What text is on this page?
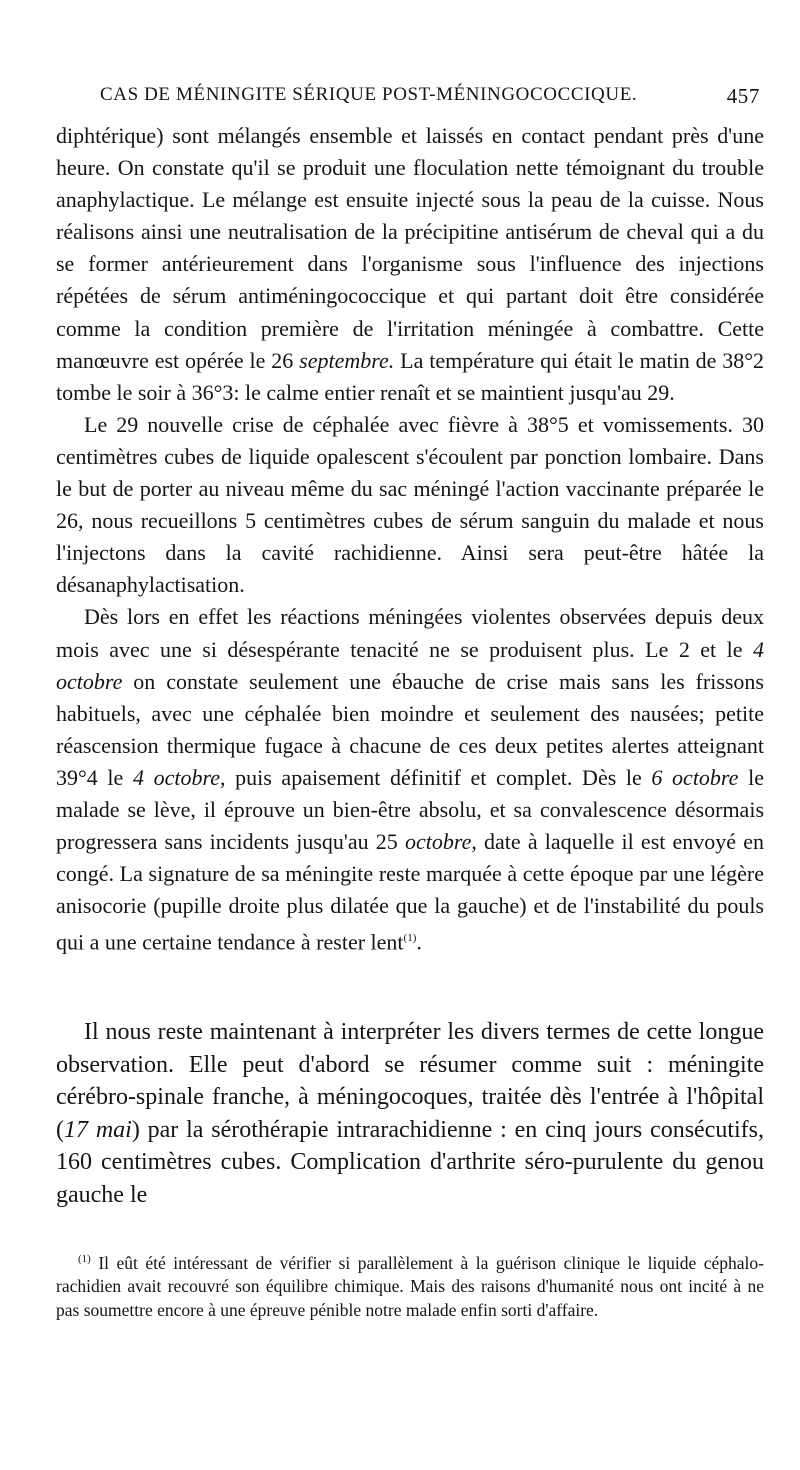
CAS DE MÉNINGITE SÉRIQUE POST-MÉNINGOCOCCIQUE.	457

diphtérique) sont mélangés ensemble et laissés en contact pendant près d'une heure. On constate qu'il se produit une floculation nette témoignant du trouble anaphylactique. Le mélange est ensuite injecté sous la peau de la cuisse. Nous réalisons ainsi une neutralisation de la précipitine antisérum de cheval qui a du se former antérieurement dans l'organisme sous l'influence des injections répétées de sérum antiméningococcique et qui partant doit être considérée comme la condition première de l'irritation méningée à combattre. Cette manœuvre est opérée le 26 septembre. La température qui était le matin de 38°2 tombe le soir à 36°3: le calme entier renaît et se maintient jusqu'au 29.

Le 29 nouvelle crise de céphalée avec fièvre à 38°5 et vomissements. 30 centimètres cubes de liquide opalescent s'écoulent par ponction lombaire. Dans le but de porter au niveau même du sac méningé l'action vaccinante préparée le 26, nous recueillons 5 centimètres cubes de sérum sanguin du malade et nous l'injectons dans la cavité rachidienne. Ainsi sera peut-être hâtée la désanaphylactisation.

Dès lors en effet les réactions méningées violentes observées depuis deux mois avec une si désespérante tenacité ne se produisent plus. Le 2 et le 4 octobre on constate seulement une ébauche de crise mais sans les frissons habituels, avec une céphalée bien moindre et seulement des nausées; petite réascension thermique fugace à chacune de ces deux petites alertes atteignant 39°4 le 4 octobre, puis apaisement définitif et complet. Dès le 6 octobre le malade se lève, il éprouve un bien-être absolu, et sa convalescence désormais progressera sans incidents jusqu'au 25 octobre, date à laquelle il est envoyé en congé. La signature de sa méningite reste marquée à cette époque par une légère anisocorie (pupille droite plus dilatée que la gauche) et de l'instabilité du pouls qui a une certaine tendance à rester lent$^{(1)}$.

Il nous reste maintenant à interpréter les divers termes de cette longue observation. Elle peut d'abord se résumer comme suit : méningite cérébro-spinale franche, à méningocoques, traitée dès l'entrée à l'hôpital (17 mai) par la sérothérapie intrarachidienne : en cinq jours consécutifs, 160 centimètres cubes. Complication d'arthrite séro-purulente du genou gauche le

$^{(1)}$ Il eût été intéressant de vérifier si parallèlement à la guérison clinique le liquide céphalo-rachidien avait recouvré son équilibre chimique. Mais des raisons d'humanité nous ont incité à ne pas soumettre encore à une épreuve pénible notre malade enfin sorti d'affaire.
